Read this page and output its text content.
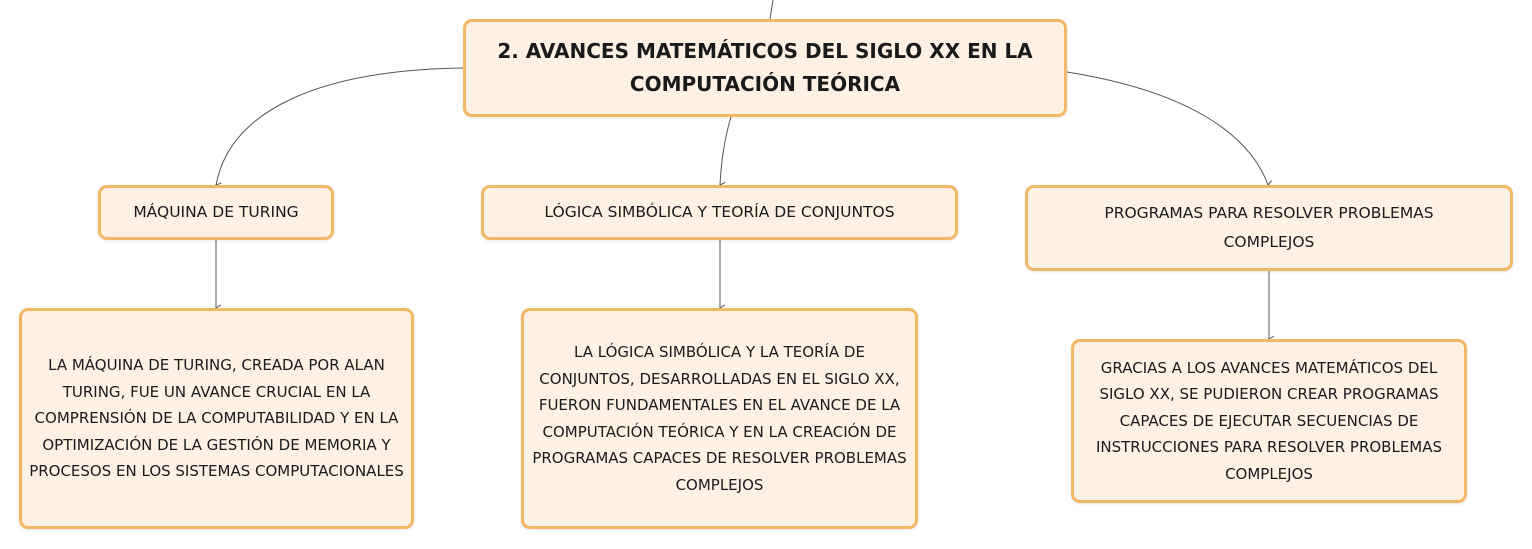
2. AVANCES MATEMÁTICOS DEL SIGLO XX EN LA COMPUTACIÓN TEÓRICA
MÁQUINA DE TURING	LÓGICA SIMBÓLICA Y TEORÍA DE CONJUNTOS	PROGRAMAS PARA RESOLVER PROBLEMAS COMPLEJOS
LA MÁQUINA DE TURING, CREADA POR ALAN TURING, FUE UN AVANCE CRUCIAL EN LA COMPRENSIÓN DE LA COMPUTABILIDAD Y EN LA OPTIMIZACIÓN DE LA GESTIÓN DE MEMORIA Y PROCESOS EN LOS SISTEMAS COMPUTACIONALES
LA LÓGICA SIMBÓLICA Y LA TEORÍA DE CONJUNTOS, DESARROLLADAS EN EL SIGLO XX, FUERON FUNDAMENTALES EN EL AVANCE DE LA COMPUTACIÓN TEÓRICA Y EN LA CREACIÓN DE PROGRAMAS CAPACES DE RESOLVER PROBLEMAS COMPLEJOS
GRACIAS A LOS AVANCES MATEMÁTICOS DEL SIGLO XX, SE PUDIERON CREAR PROGRAMAS CAPACES DE EJECUTAR SECUENCIAS DE INSTRUCCIONES PARA RESOLVER PROBLEMAS COMPLEJOS
